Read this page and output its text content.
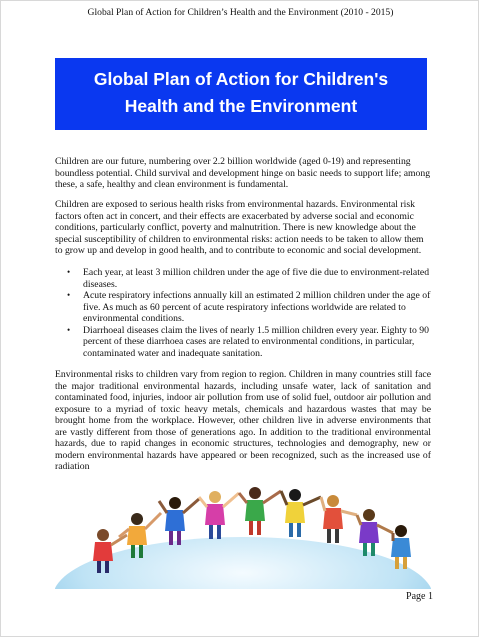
Global Plan of Action for Children’s Health and the Environment (2010 - 2015)
Global Plan of Action for Children's
Health and the Environment

Children are our future, numbering over 2.2 billion worldwide (aged 0-19) and representing boundless potential. Child survival and development hinge on basic needs to support life; among these, a safe, healthy and clean environment is fundamental.

Children are exposed to serious health risks from environmental hazards. Environmental risk factors often act in concert, and their effects are exacerbated by adverse social and economic conditions, particularly conflict, poverty and malnutrition. There is new knowledge about the special susceptibility of children to environmental risks: action needs to be taken to allow them to grow up and develop in good health, and to contribute to economic and social development.

• Each year, at least 3 million children under the age of five die due to environment-related diseases.
• Acute respiratory infections annually kill an estimated 2 million children under the age of five. As much as 60 percent of acute respiratory infections worldwide are related to environmental conditions.
• Diarrhoeal diseases claim the lives of nearly 1.5 million children every year. Eighty to 90 percent of these diarrhoea cases are related to environmental conditions, in particular, contaminated water and inadequate sanitation.

Environmental risks to children vary from region to region. Children in many countries still face the major traditional environmental hazards, including unsafe water, lack of sanitation and contaminated food, injuries, indoor air pollution from use of solid fuel, outdoor air pollution and exposure to a myriad of toxic heavy metals, chemicals and hazardous wastes that may be brought home from the workplace. However, other children live in adverse environments that are vastly different from those of generations ago. In addition to the traditional environmental hazards, due to rapid changes in economic structures, technologies and demography, new or modern environmental hazards have appeared or been recognized, such as the increased use of radiation

Page 1
